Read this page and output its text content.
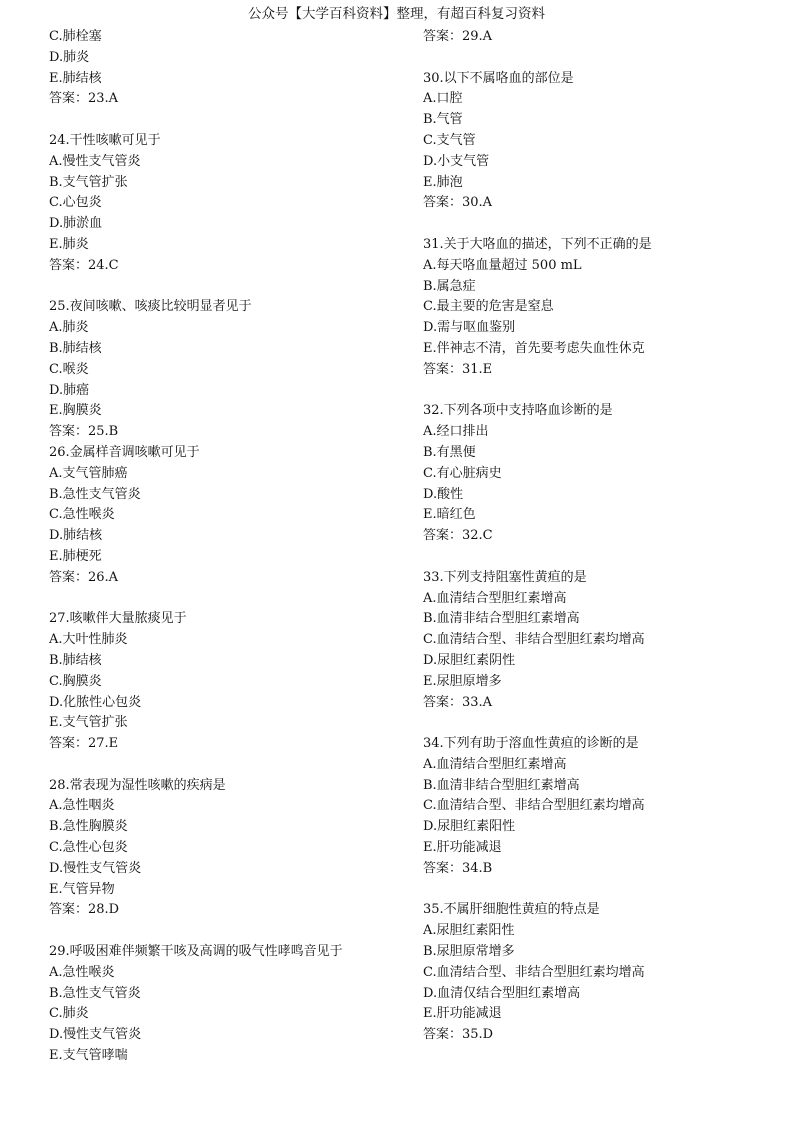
公众号【大学百科资料】整理，有超百科复习资料
C.肺栓塞
D.肺炎
E.肺结核
答案：23.A
24.干性咳嗽可见于
A.慢性支气管炎
B.支气管扩张
C.心包炎
D.肺淤血
E.肺炎
答案：24.C
25.夜间咳嗽、咳痰比较明显者见于
A.肺炎
B.肺结核
C.喉炎
D.肺癌
E.胸膜炎
答案：25.B
26.金属样音调咳嗽可见于
A.支气管肺癌
B.急性支气管炎
C.急性喉炎
D.肺结核
E.肺梗死
答案：26.A
27.咳嗽伴大量脓痰见于
A.大叶性肺炎
B.肺结核
C.胸膜炎
D.化脓性心包炎
E.支气管扩张
答案：27.E
28.常表现为湿性咳嗽的疾病是
A.急性咽炎
B.急性胸膜炎
C.急性心包炎
D.慢性支气管炎
E.气管异物
答案：28.D
29.呼吸困难伴频繁干咳及高调的吸气性哮鸣音见于
A.急性喉炎
B.急性支气管炎
C.肺炎
D.慢性支气管炎
E.支气管哮喘
答案：29.A
30.以下不属咯血的部位是
A.口腔
B.气管
C.支气管
D.小支气管
E.肺泡
答案：30.A
31.关于大咯血的描述，下列不正确的是
A.每天咯血量超过 500 mL
B.属急症
C.最主要的危害是窒息
D.需与呕血鉴别
E.伴神志不清，首先要考虑失血性休克
答案：31.E
32.下列各项中支持咯血诊断的是
A.经口排出
B.有黑便
C.有心脏病史
D.酸性
E.暗红色
答案：32.C
33.下列支持阻塞性黄疸的是
A.血清结合型胆红素增高
B.血清非结合型胆红素增高
C.血清结合型、非结合型胆红素均增高
D.尿胆红素阴性
E.尿胆原增多
答案：33.A
34.下列有助于溶血性黄疸的诊断的是
A.血清结合型胆红素增高
B.血清非结合型胆红素增高
C.血清结合型、非结合型胆红素均增高
D.尿胆红素阳性
E.肝功能减退
答案：34.B
35.不属肝细胞性黄疸的特点是
A.尿胆红素阳性
B.尿胆原常增多
C.血清结合型、非结合型胆红素均增高
D.血清仅结合型胆红素增高
E.肝功能减退
答案：35.D
